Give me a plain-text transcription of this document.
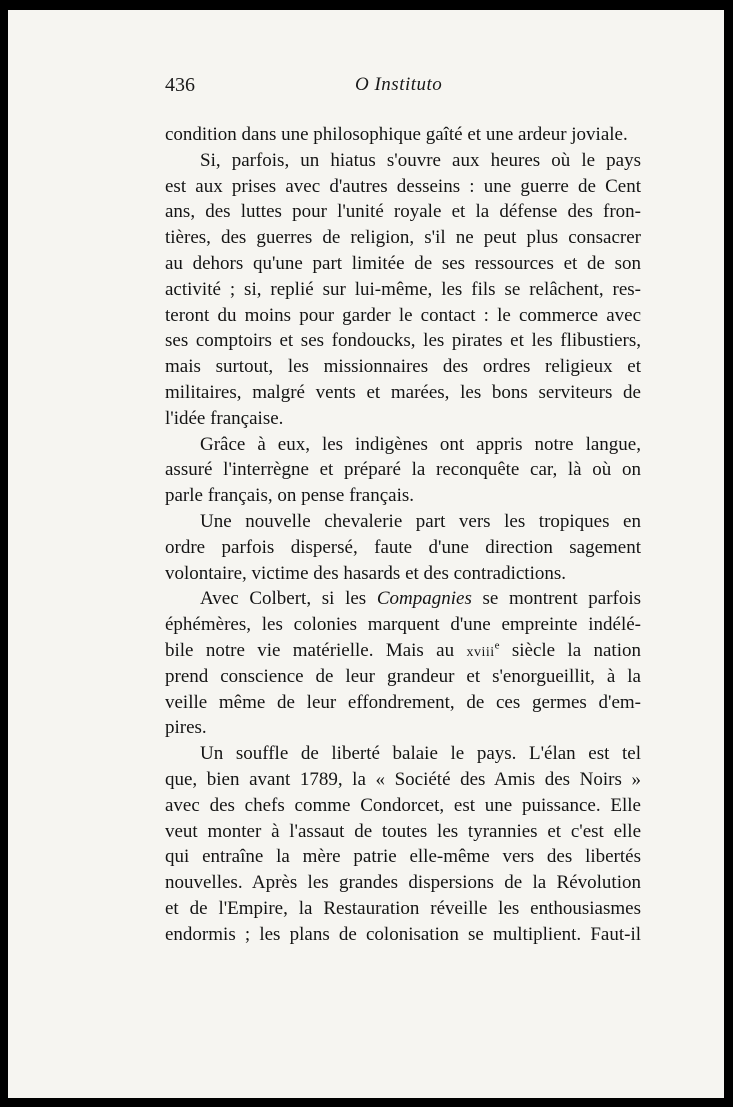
436	O Instituto
condition dans une philosophique gaîté et une ardeur joviale.
Si, parfois, un hiatus s'ouvre aux heures où le pays
est aux prises avec d'autres desseins : une guerre de Cent
ans, des luttes pour l'unité royale et la défense des fron-
tières, des guerres de religion, s'il ne peut plus consacrer
au dehors qu'une part limitée de ses ressources et de son
activité ; si, replié sur lui-même, les fils se relâchent, res-
teront du moins pour garder le contact : le commerce avec
ses comptoirs et ses fondoucks, les pirates et les flibustiers,
mais surtout, les missionnaires des ordres religieux et
militaires, malgré vents et marées, les bons serviteurs de
l'idée française.
Grâce à eux, les indigènes ont appris notre langue,
assuré l'interrègne et préparé la reconquête car, là où on
parle français, on pense français.
Une nouvelle chevalerie part vers les tropiques en
ordre parfois dispersé, faute d'une direction sagement
volontaire, victime des hasards et des contradictions.
Avec Colbert, si les Compagnies se montrent parfois
éphémères, les colonies marquent d'une empreinte indélé-
bile notre vie matérielle. Mais au xviii$^e$ siècle la nation
prend conscience de leur grandeur et s'enorgueillit, à la
veille même de leur effondrement, de ces germes d'em-
pires.
Un souffle de liberté balaie le pays. L'élan est tel
que, bien avant 1789, la « Société des Amis des Noirs »
avec des chefs comme Condorcet, est une puissance. Elle
veut monter à l'assaut de toutes les tyrannies et c'est elle
qui entraîne la mère patrie elle-même vers des libertés
nouvelles. Après les grandes dispersions de la Révolution
et de l'Empire, la Restauration réveille les enthousiasmes
endormis ; les plans de colonisation se multiplient. Faut-il
